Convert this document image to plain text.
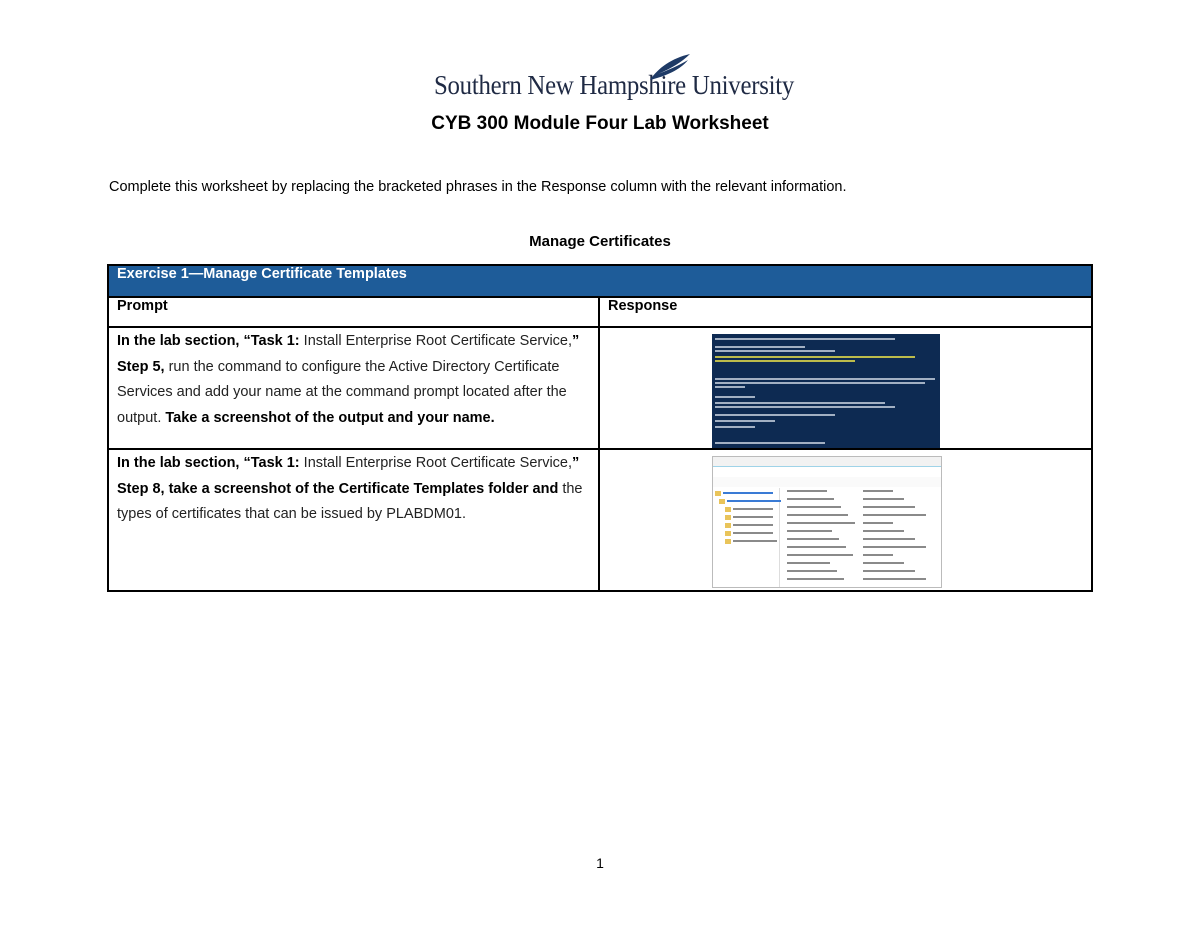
Southern New Hampshire University
CYB 300 Module Four Lab Worksheet
Complete this worksheet by replacing the bracketed phrases in the Response column with the relevant information.
Manage Certificates
Exercise 1—Manage Certificate Templates	
Prompt	Response

In the lab section, “Task 1: Install Enterprise Root Certificate Service,” Step 5, run the command to configure the Active Directory Certificate Services and add your name at the command prompt located after the output. Take a screenshot of the output and your name.	

In the lab section, “Task 1: Install Enterprise Root Certificate Service,” Step 8, take a screenshot of the Certificate Templates folder and the types of certificates that can be issued by PLABDM01.	

1
